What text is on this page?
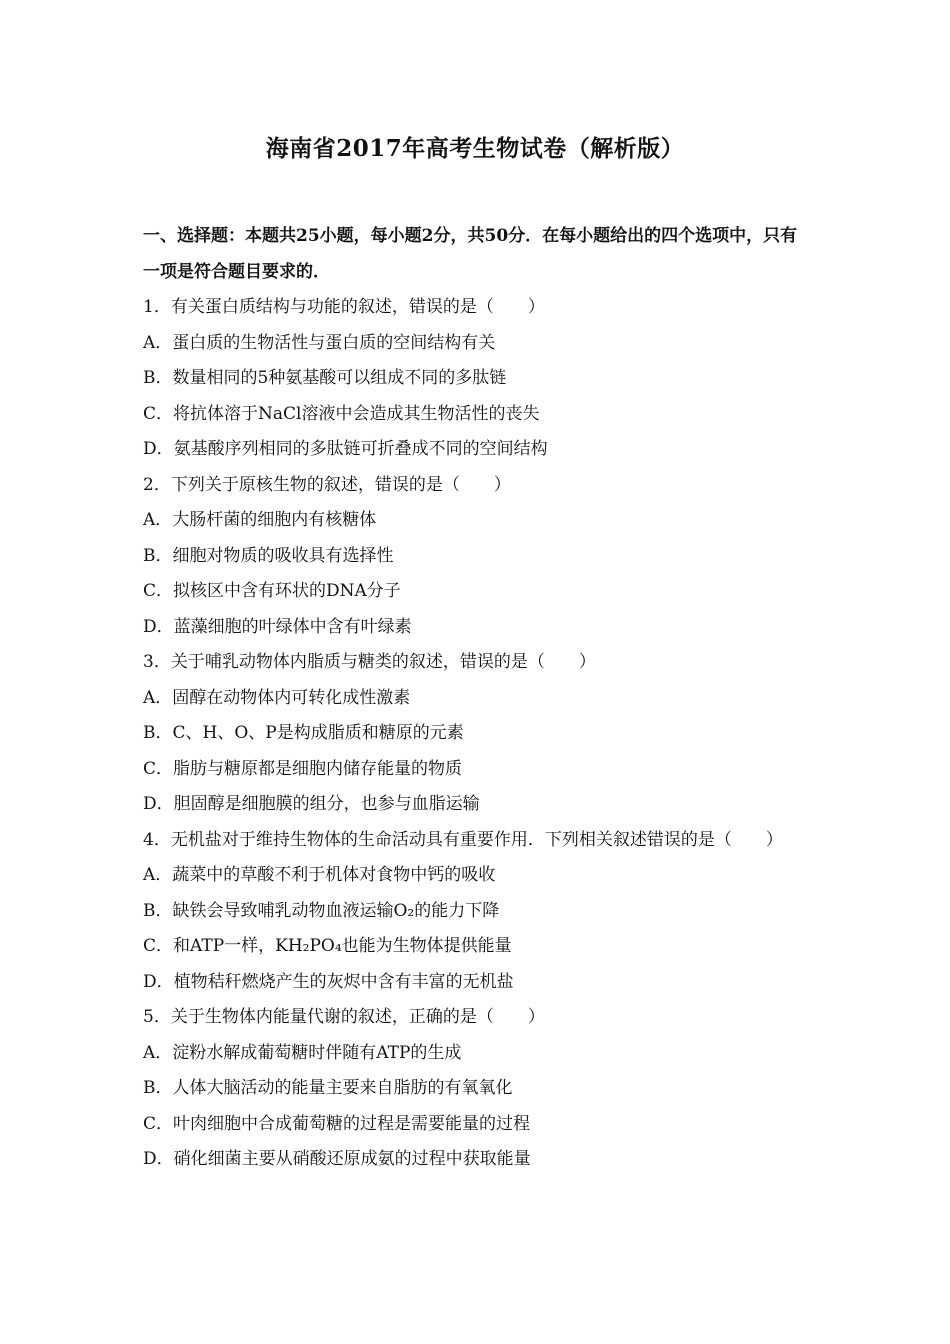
海南省2017年高考生物试卷（解析版）
一、选择题：本题共25小题，每小题2分，共50分．在每小题给出的四个选项中，只有一项是符合题目要求的．
1．有关蛋白质结构与功能的叙述，错误的是（　　）
A．蛋白质的生物活性与蛋白质的空间结构有关
B．数量相同的5种氨基酸可以组成不同的多肽链
C．将抗体溶于NaCl溶液中会造成其生物活性的丧失
D．氨基酸序列相同的多肽链可折叠成不同的空间结构
2．下列关于原核生物的叙述，错误的是（　　）
A．大肠杆菌的细胞内有核糖体
B．细胞对物质的吸收具有选择性
C．拟核区中含有环状的DNA分子
D．蓝藻细胞的叶绿体中含有叶绿素
3．关于哺乳动物体内脂质与糖类的叙述，错误的是（　　）
A．固醇在动物体内可转化成性激素
B．C、H、O、P是构成脂质和糖原的元素
C．脂肪与糖原都是细胞内储存能量的物质
D．胆固醇是细胞膜的组分，也参与血脂运输
4．无机盐对于维持生物体的生命活动具有重要作用．下列相关叙述错误的是（　　）
A．蔬菜中的草酸不利于机体对食物中钙的吸收
B．缺铁会导致哺乳动物血液运输O₂的能力下降
C．和ATP一样，KH₂PO₄也能为生物体提供能量
D．植物秸秆燃烧产生的灰烬中含有丰富的无机盐
5．关于生物体内能量代谢的叙述，正确的是（　　）
A．淀粉水解成葡萄糖时伴随有ATP的生成
B．人体大脑活动的能量主要来自脂肪的有氧氧化
C．叶肉细胞中合成葡萄糖的过程是需要能量的过程
D．硝化细菌主要从硝酸还原成氨的过程中获取能量
